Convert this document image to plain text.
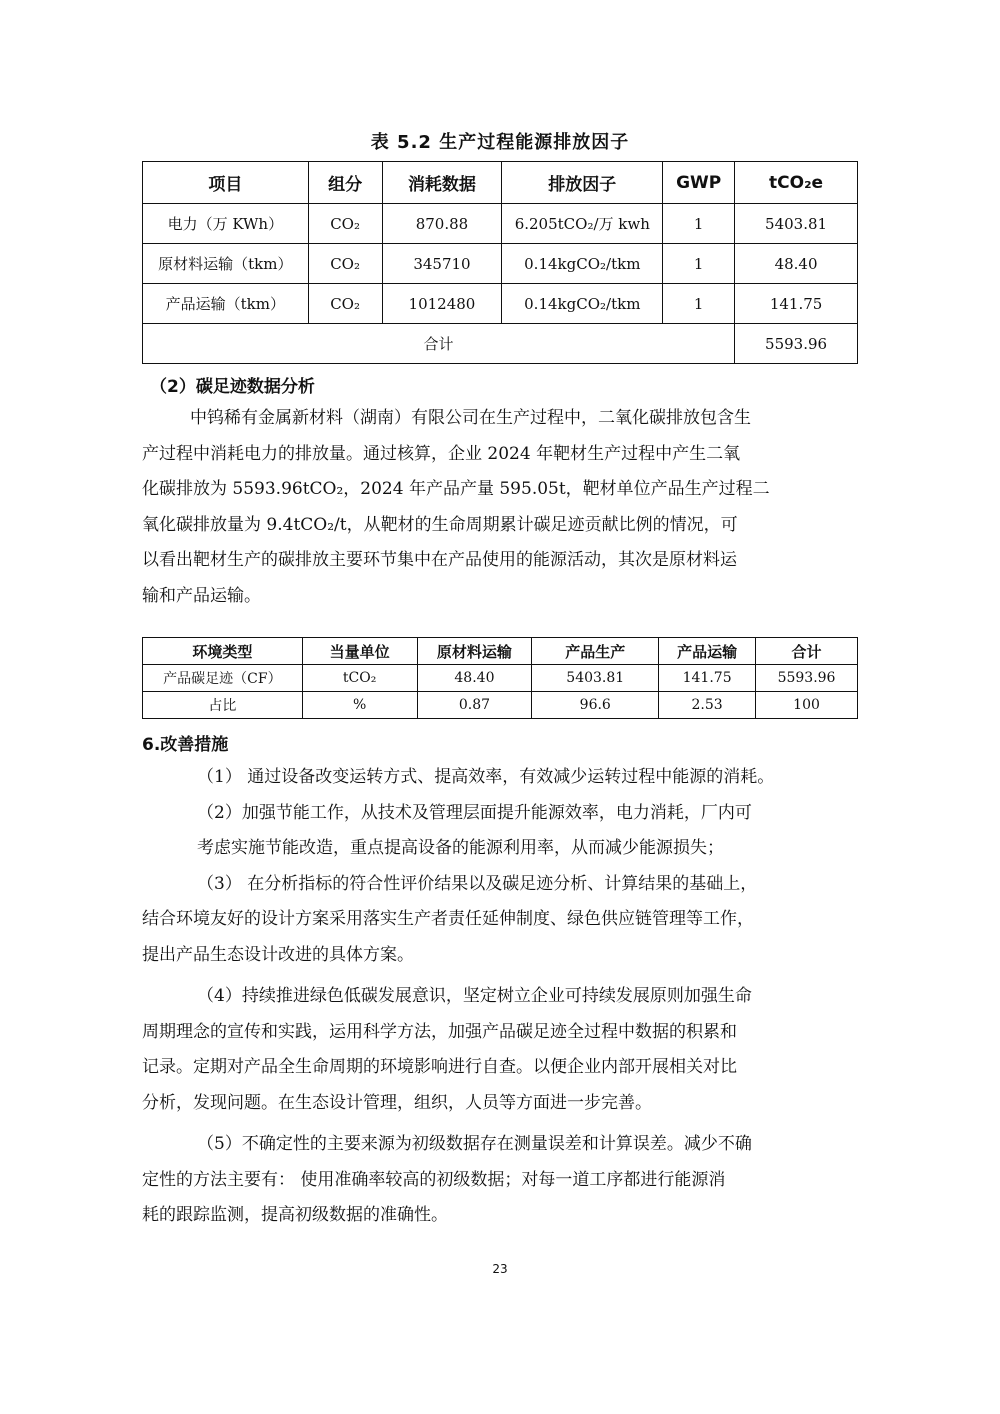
表 5.2 生产过程能源排放因子
项目	组分	消耗数据	排放因子	GWP	tCO₂e
电力（万 KWh）	CO₂	870.88	6.205tCO₂/万 kwh	1	5403.81
原材料运输（tkm）	CO₂	345710	0.14kgCO₂/tkm	1	48.40
产品运输（tkm）	CO₂	1012480	0.14kgCO₂/tkm	1	141.75
合计					5593.96
（2）碳足迹数据分析
中钨稀有金属新材料（湖南）有限公司在生产过程中，二氧化碳排放包含生
产过程中消耗电力的排放量。通过核算，企业 2024 年靶材生产过程中产生二氧
化碳排放为 5593.96tCO₂，2024 年产品产量 595.05t，靶材单位产品生产过程二
氧化碳排放量为 9.4tCO₂/t，从靶材的生命周期累计碳足迹贡献比例的情况，可
以看出靶材生产的碳排放主要环节集中在产品使用的能源活动，其次是原材料运
输和产品运输。
环境类型	当量单位	原材料运输	产品生产	产品运输	合计
产品碳足迹（CF）	tCO₂	48.40	5403.81	141.75	5593.96
占比	%	0.87	96.6	2.53	100
6.改善措施
（1） 通过设备改变运转方式、提高效率，有效减少运转过程中能源的消耗。
（2）加强节能工作，从技术及管理层面提升能源效率，电力消耗，厂内可
考虑实施节能改造，重点提高设备的能源利用率，从而减少能源损失；
（3） 在分析指标的符合性评价结果以及碳足迹分析、计算结果的基础上，
结合环境友好的设计方案采用落实生产者责任延伸制度、绿色供应链管理等工作，
提出产品生态设计改进的具体方案。
（4）持续推进绿色低碳发展意识，坚定树立企业可持续发展原则加强生命
周期理念的宣传和实践，运用科学方法，加强产品碳足迹全过程中数据的积累和
记录。定期对产品全生命周期的环境影响进行自查。以便企业内部开展相关对比
分析，发现问题。在生态设计管理，组织，人员等方面进一步完善。
（5）不确定性的主要来源为初级数据存在测量误差和计算误差。减少不确
定性的方法主要有： 使用准确率较高的初级数据；对每一道工序都进行能源消
耗的跟踪监测，提高初级数据的准确性。
23
